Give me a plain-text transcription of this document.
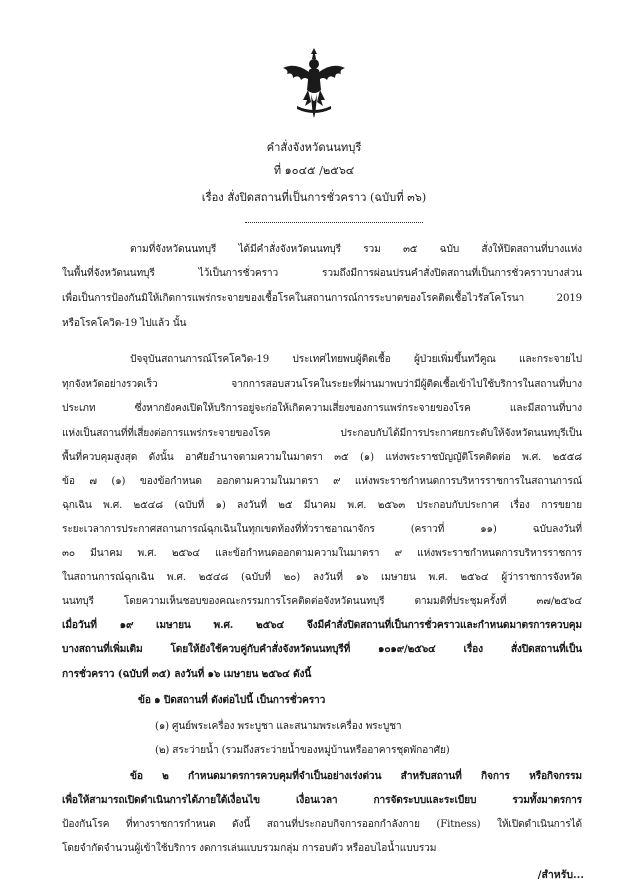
คำสั่งจังหวัดนนทบุรี
ที่ ๑๐๔๕ /๒๕๖๔
เรื่อง สั่งปิดสถานที่เป็นการชั่วคราว (ฉบับที่ ๓๖)
ตามที่จังหวัดนนทบุรี ได้มีคำสั่งจังหวัดนนทบุรี รวม ๓๕ ฉบับ สั่งให้ปิดสถานที่บางแห่ง
ในพื้นที่จังหวัดนนทบุรี ไว้เป็นการชั่วคราว รวมถึงมีการผ่อนปรนคำสั่งปิดสถานที่เป็นการชั่วคราวบางส่วน
เพื่อเป็นการป้องกันมิให้เกิดการแพร่กระจายของเชื้อโรคในสถานการณ์การระบาดของโรคติดเชื้อไวรัสโคโรนา 2019
หรือโรคโควิด-19 ไปแล้ว นั้น
ปัจจุบันสถานการณ์โรคโควิด-19 ประเทศไทยพบผู้ติดเชื้อ ผู้ป่วยเพิ่มขึ้นทวีคูณ และกระจายไป
ทุกจังหวัดอย่างรวดเร็ว จากการสอบสวนโรคในระยะที่ผ่านมาพบว่ามีผู้ติดเชื้อเข้าไปใช้บริการในสถานที่บาง
ประเภท ซึ่งหากยังคงเปิดให้บริการอยู่จะก่อให้เกิดความเสี่ยงของการแพร่กระจายของโรค และมีสถานที่บาง
แห่งเป็นสถานที่ที่เสี่ยงต่อการแพร่กระจายของโรค ประกอบกับได้มีการประกาศยกระดับให้จังหวัดนนทบุรีเป็น
พื้นที่ควบคุมสูงสุด ดังนั้น อาศัยอำนาจตามความในมาตรา ๓๕ (๑) แห่งพระราชบัญญัติโรคติดต่อ พ.ศ. ๒๕๕๘
ข้อ ๗ (๑) ของข้อกำหนด ออกตามความในมาตรา ๙ แห่งพระราชกำหนดการบริหารราชการในสถานการณ์
ฉุกเฉิน พ.ศ. ๒๕๔๘ (ฉบับที่ ๑) ลงวันที่ ๒๕ มีนาคม พ.ศ. ๒๕๖๓ ประกอบกับประกาศ เรื่อง การขยาย
ระยะเวลาการประกาศสถานการณ์ฉุกเฉินในทุกเขตท้องที่ทั่วราชอาณาจักร (คราวที่ ๑๑) ฉบับลงวันที่
๓๐ มีนาคม พ.ศ. ๒๕๖๔ และข้อกำหนดออกตามความในมาตรา ๙ แห่งพระราชกำหนดการบริหารราชการ
ในสถานการณ์ฉุกเฉิน พ.ศ. ๒๕๔๘ (ฉบับที่ ๒๐) ลงวันที่ ๑๖ เมษายน พ.ศ. ๒๕๖๔ ผู้ว่าราชการจังหวัด
นนทบุรี โดยความเห็นชอบของคณะกรรมการโรคติดต่อจังหวัดนนทบุรี ตามมติที่ประชุมครั้งที่ ๓๗/๒๕๖๔
เมื่อวันที่ ๑๙ เมษายน พ.ศ. ๒๕๖๔ จึงมีคำสั่งปิดสถานที่เป็นการชั่วคราวและกำหนดมาตรการควบคุม
บางสถานที่เพิ่มเติม โดยให้ยังใช้ควบคู่กับคำสั่งจังหวัดนนทบุรีที่ ๑๐๑๙/๒๕๖๔ เรื่อง สั่งปิดสถานที่เป็น
การชั่วคราว (ฉบับที่ ๓๕) ลงวันที่ ๑๖ เมษายน ๒๕๖๔ ดังนี้
ข้อ ๑ ปิดสถานที่ ดังต่อไปนี้ เป็นการชั่วคราว
(๑) ศูนย์พระเครื่อง พระบูชา และสนามพระเครื่อง พระบูชา
(๒) สระว่ายน้ำ (รวมถึงสระว่ายน้ำของหมู่บ้านหรืออาคารชุดพักอาศัย)
ข้อ ๒ กำหนดมาตรการควบคุมที่จำเป็นอย่างเร่งด่วน สำหรับสถานที่ กิจการ หรือกิจกรรม
เพื่อให้สามารถเปิดดำเนินการได้ภายใต้เงื่อนไข เงื่อนเวลา การจัดระบบและระเบียบ รวมทั้งมาตรการ
ป้องกันโรค ที่ทางราชการกำหนด ดังนี้ สถานที่ประกอบกิจการออกกำลังกาย (Fitness) ให้เปิดดำเนินการได้
โดยจำกัดจำนวนผู้เข้าใช้บริการ งดการเล่นแบบรวมกลุ่ม การอบตัว หรืออบไอน้ำแบบรวม
/สำหรับ...
